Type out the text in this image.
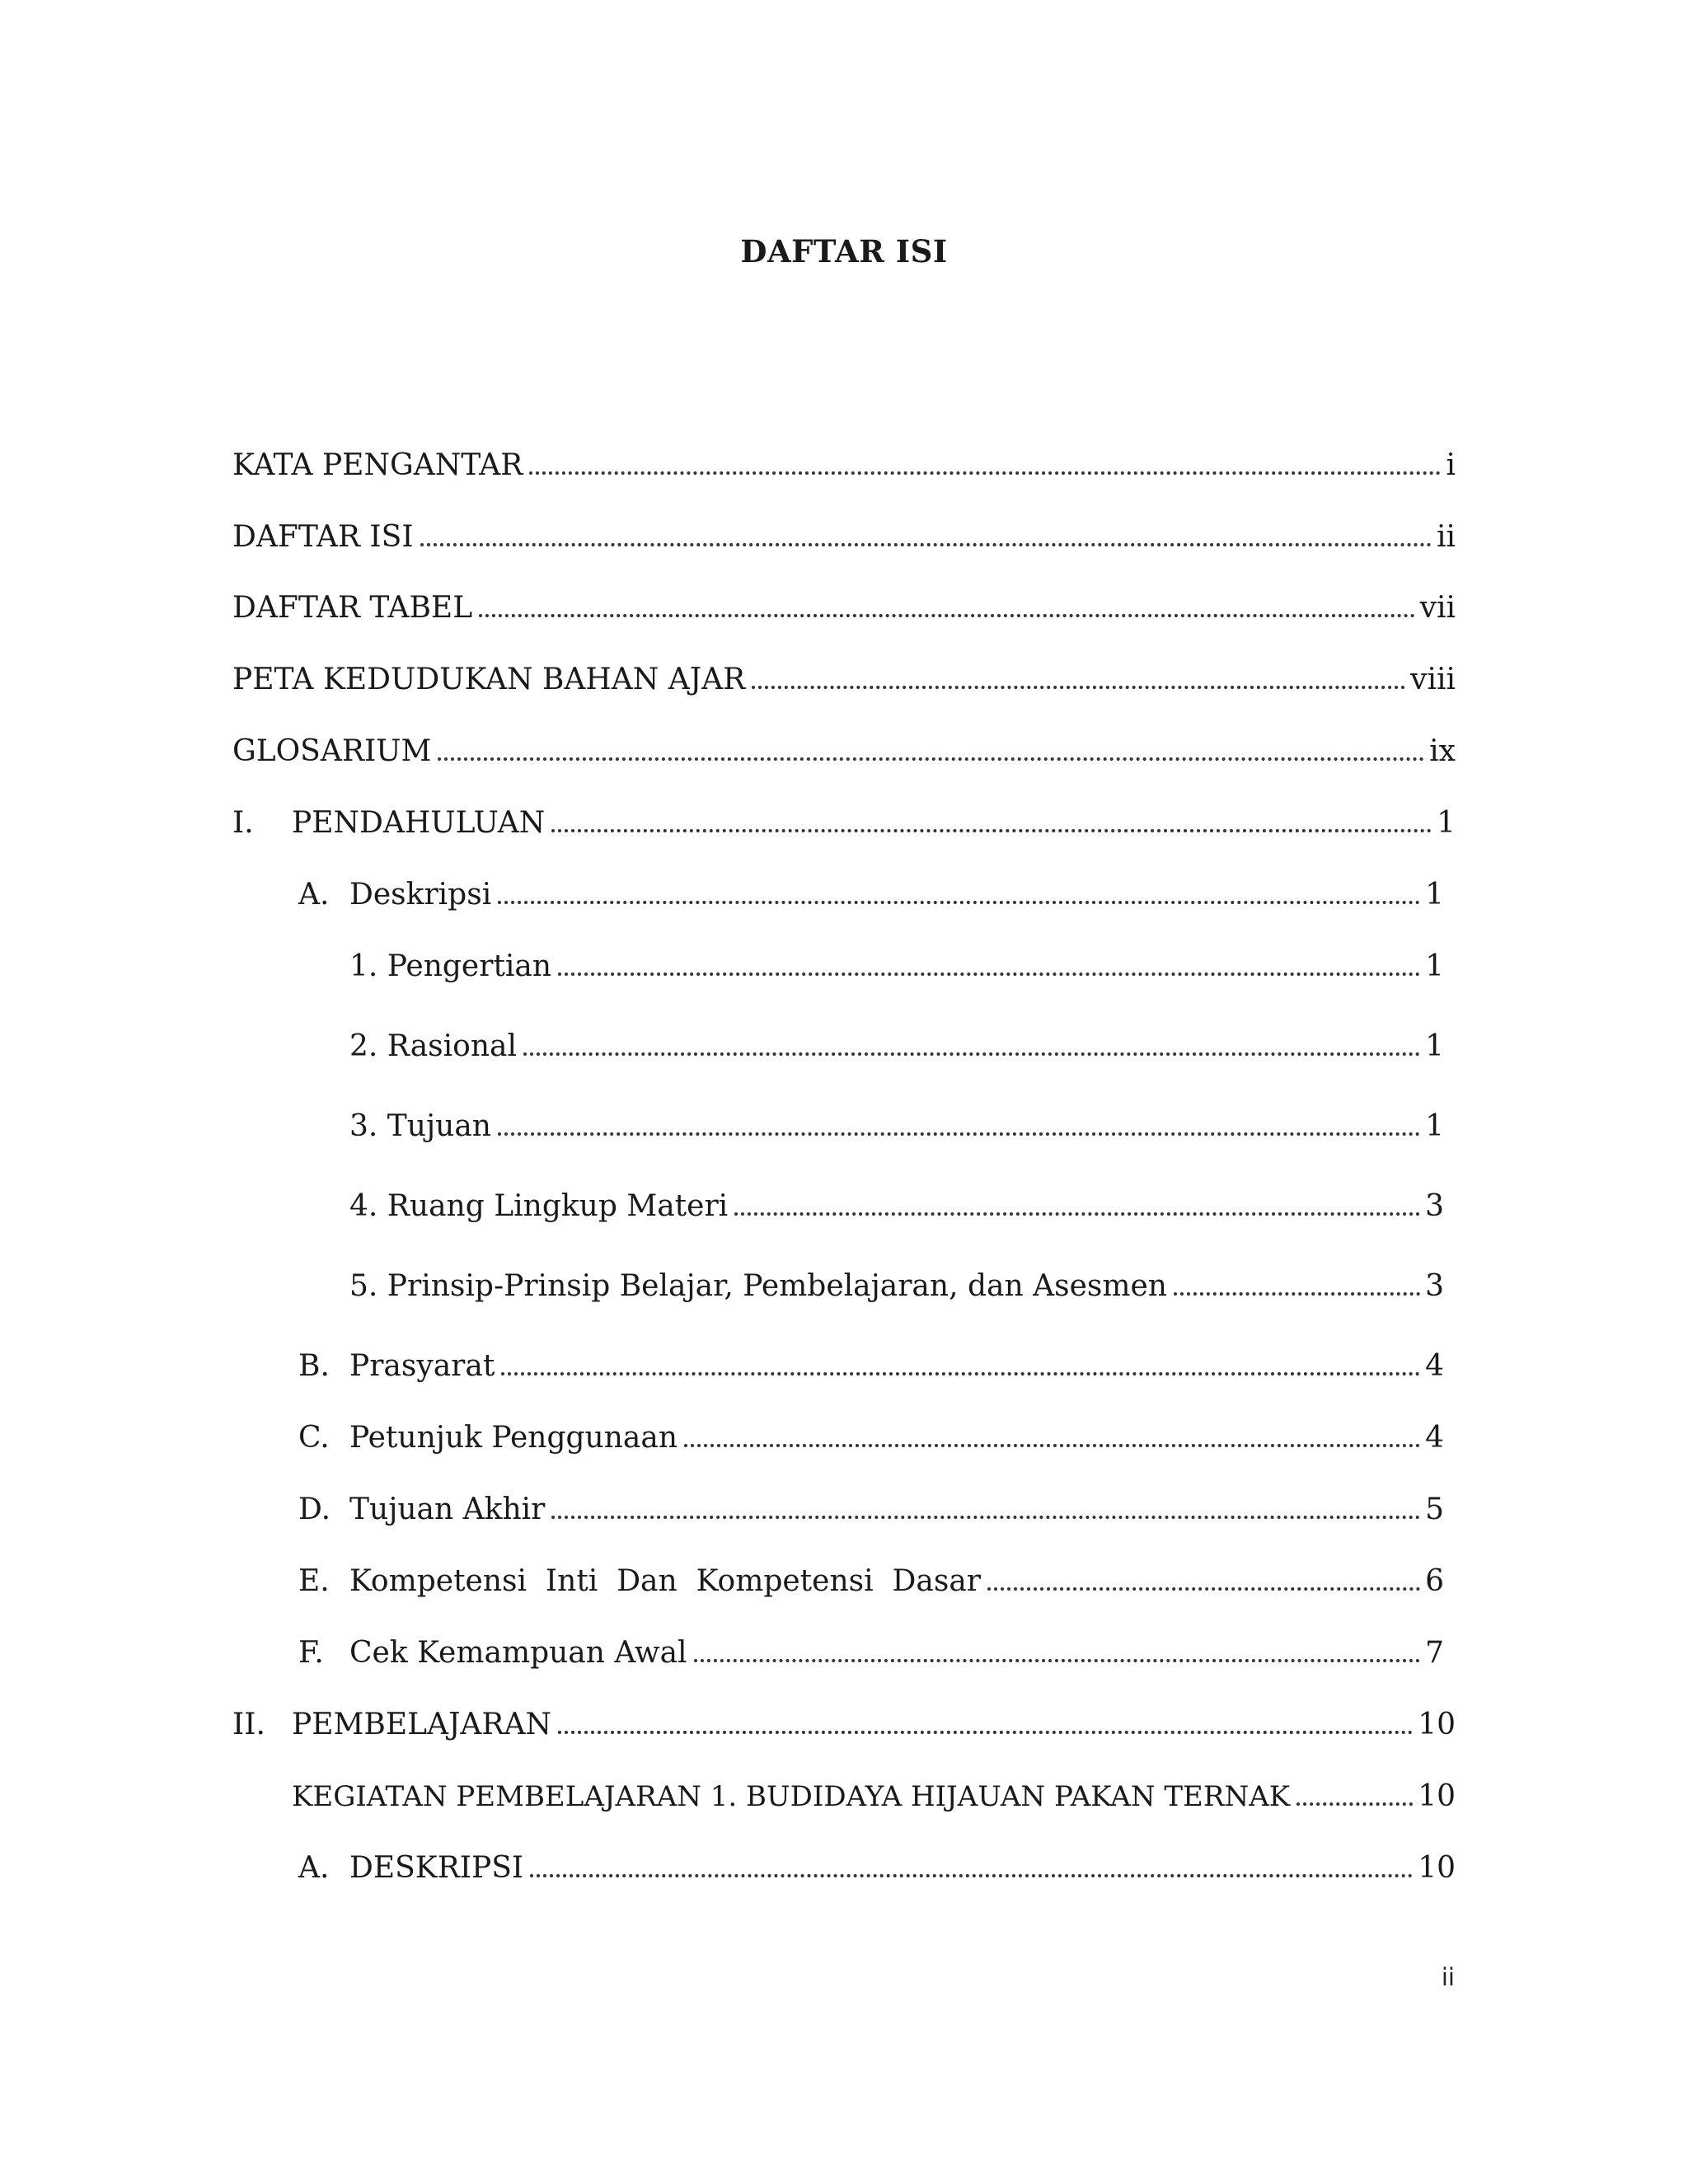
DAFTAR ISI
KATA PENGANTAR	i
DAFTAR ISI	ii
DAFTAR TABEL	vii
PETA KEDUDUKAN BAHAN AJAR	viii
GLOSARIUM	ix
I.	PENDAHULUAN	1
A. Deskripsi	1
1. Pengertian	1
2. Rasional	1
3. Tujuan	1
4. Ruang Lingkup Materi	3
5. Prinsip-Prinsip Belajar, Pembelajaran, dan Asesmen	3
B. Prasyarat	4
C. Petunjuk Penggunaan	4
D. Tujuan Akhir	5
E. Kompetensi  Inti  Dan  Kompetensi  Dasar	6
F. Cek Kemampuan Awal	7
II. PEMBELAJARAN	10
KEGIATAN PEMBELAJARAN 1. BUDIDAYA HIJAUAN PAKAN TERNAK	10
A. DESKRIPSI	10
ii
